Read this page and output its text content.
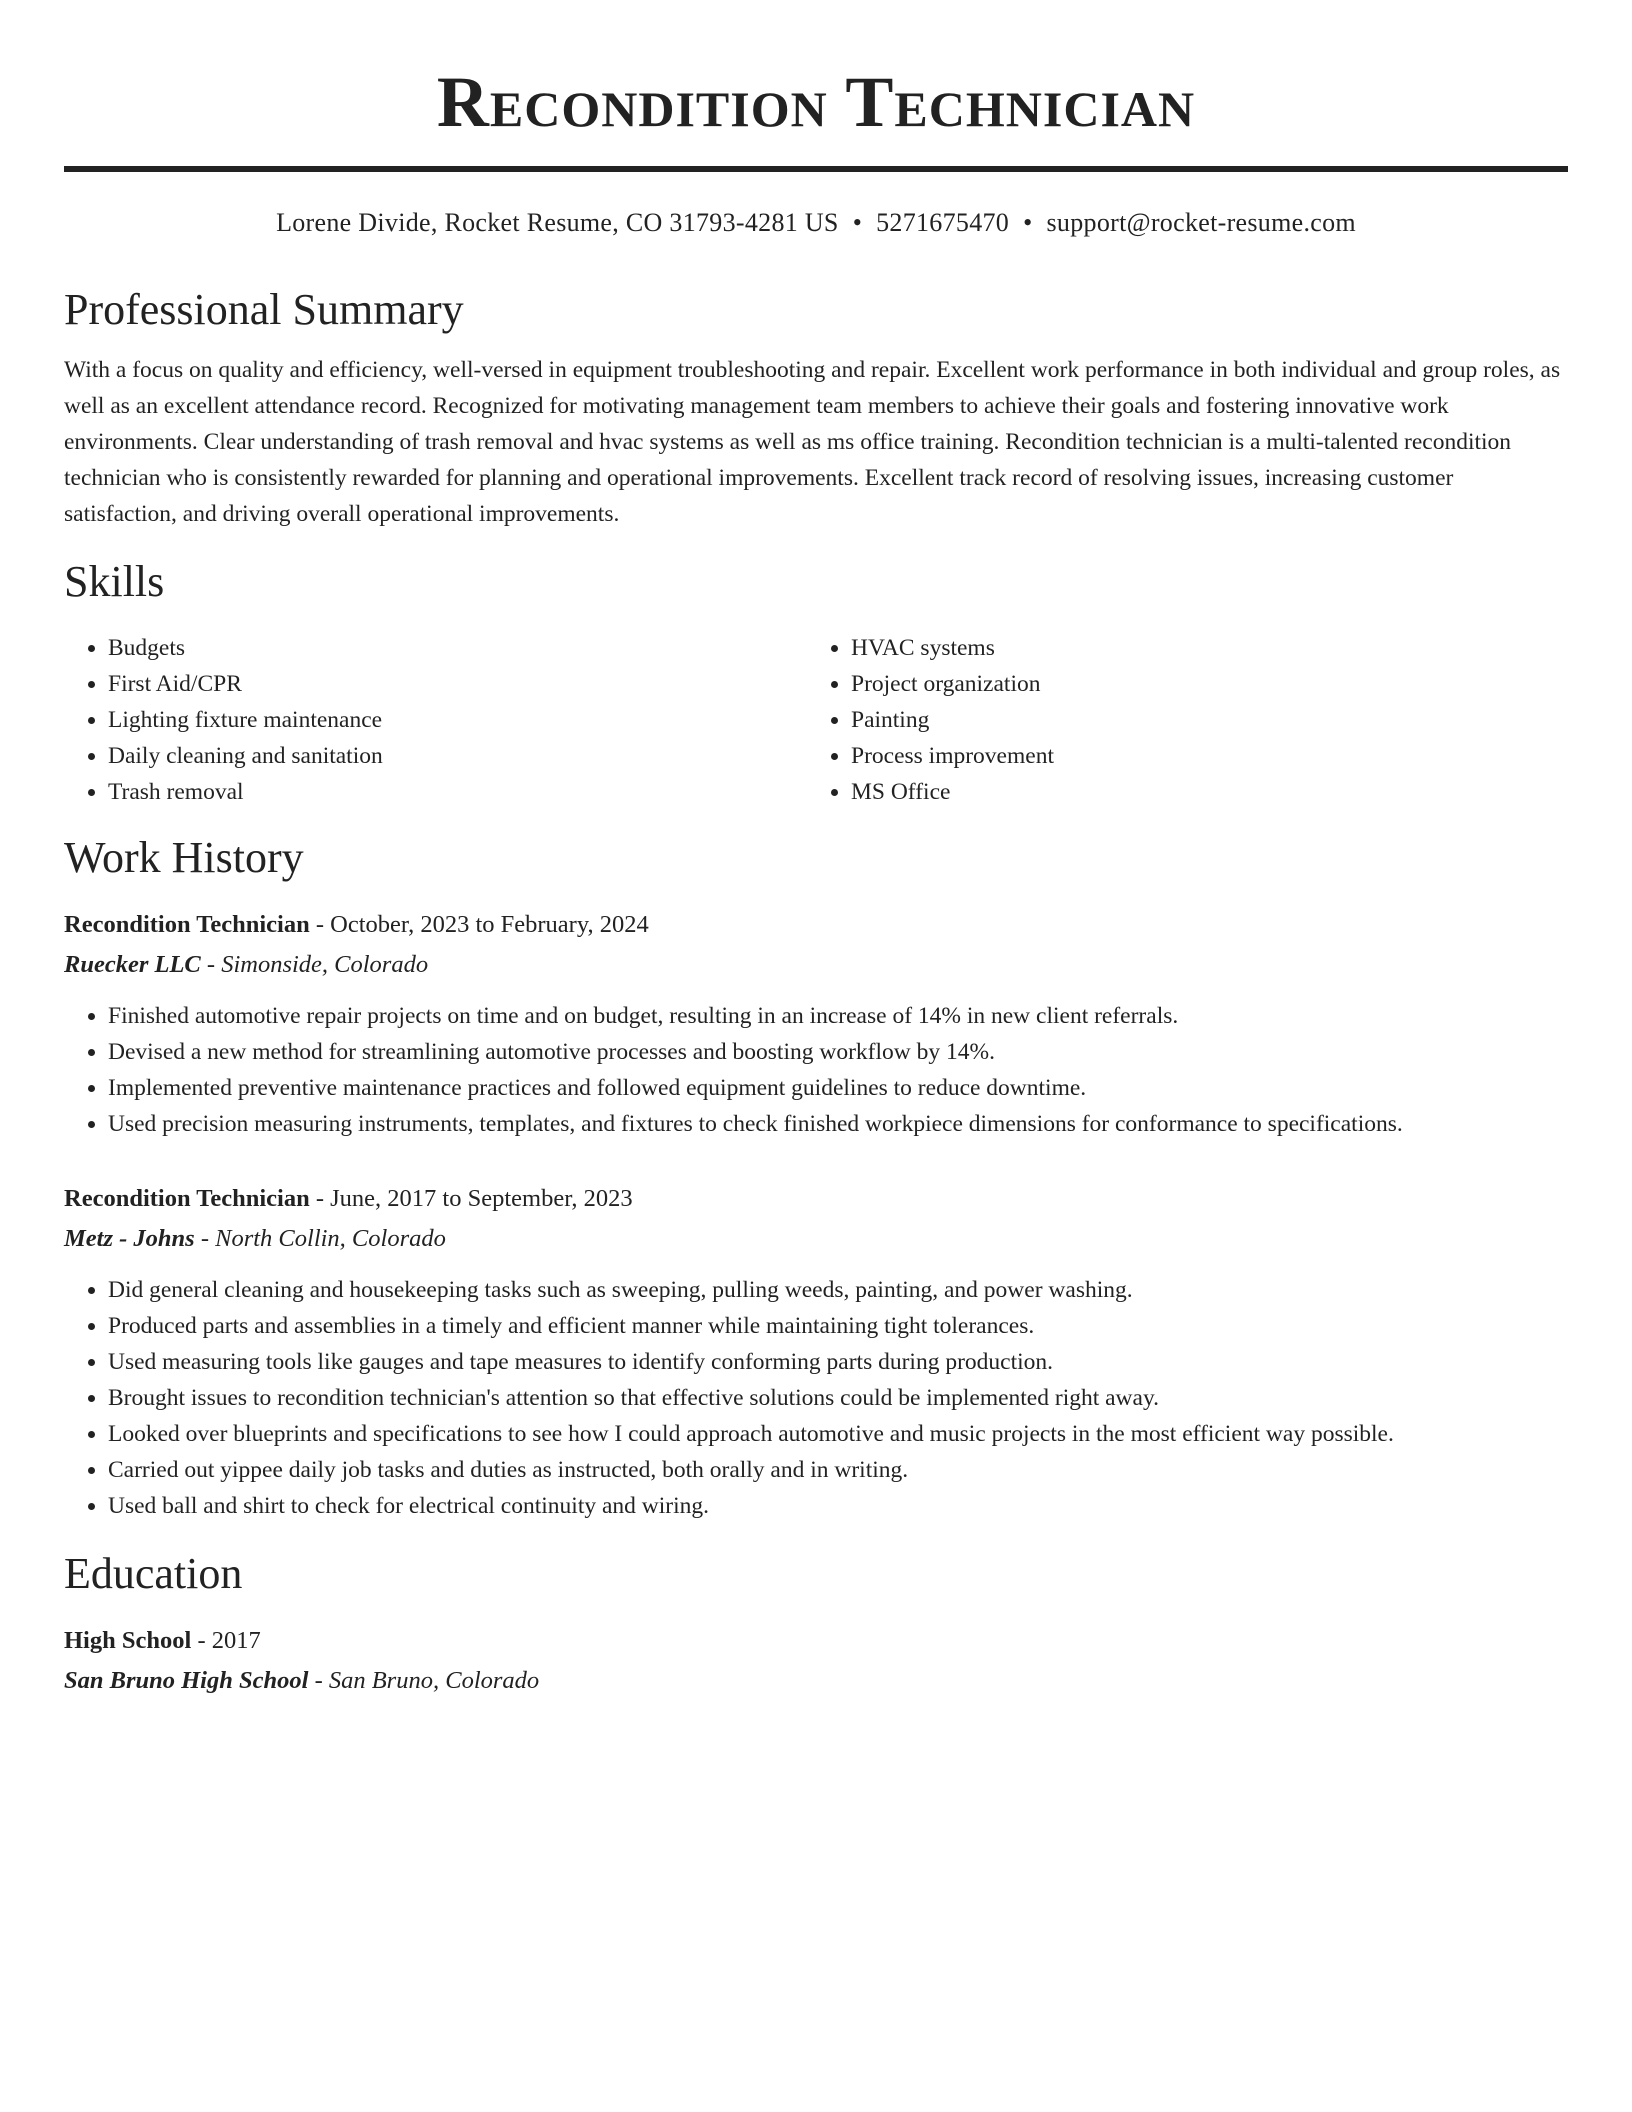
Recondition Technician
Lorene Divide, Rocket Resume, CO 31793-4281 US • 5271675470 • support@rocket-resume.com
Professional Summary
With a focus on quality and efficiency, well-versed in equipment troubleshooting and repair. Excellent work performance in both individual and group roles, as well as an excellent attendance record. Recognized for motivating management team members to achieve their goals and fostering innovative work environments. Clear understanding of trash removal and hvac systems as well as ms office training. Recondition technician is a multi-talented recondition technician who is consistently rewarded for planning and operational improvements. Excellent track record of resolving issues, increasing customer satisfaction, and driving overall operational improvements.
Skills
• Budgets
• First Aid/CPR
• Lighting fixture maintenance
• Daily cleaning and sanitation
• Trash removal
• HVAC systems
• Project organization
• Painting
• Process improvement
• MS Office
Work History
Recondition Technician - October, 2023 to February, 2024
Ruecker LLC - Simonside, Colorado
• Finished automotive repair projects on time and on budget, resulting in an increase of 14% in new client referrals.
• Devised a new method for streamlining automotive processes and boosting workflow by 14%.
• Implemented preventive maintenance practices and followed equipment guidelines to reduce downtime.
• Used precision measuring instruments, templates, and fixtures to check finished workpiece dimensions for conformance to specifications.
Recondition Technician - June, 2017 to September, 2023
Metz - Johns - North Collin, Colorado
• Did general cleaning and housekeeping tasks such as sweeping, pulling weeds, painting, and power washing.
• Produced parts and assemblies in a timely and efficient manner while maintaining tight tolerances.
• Used measuring tools like gauges and tape measures to identify conforming parts during production.
• Brought issues to recondition technician's attention so that effective solutions could be implemented right away.
• Looked over blueprints and specifications to see how I could approach automotive and music projects in the most efficient way possible.
• Carried out yippee daily job tasks and duties as instructed, both orally and in writing.
• Used ball and shirt to check for electrical continuity and wiring.
Education
High School - 2017
San Bruno High School - San Bruno, Colorado
